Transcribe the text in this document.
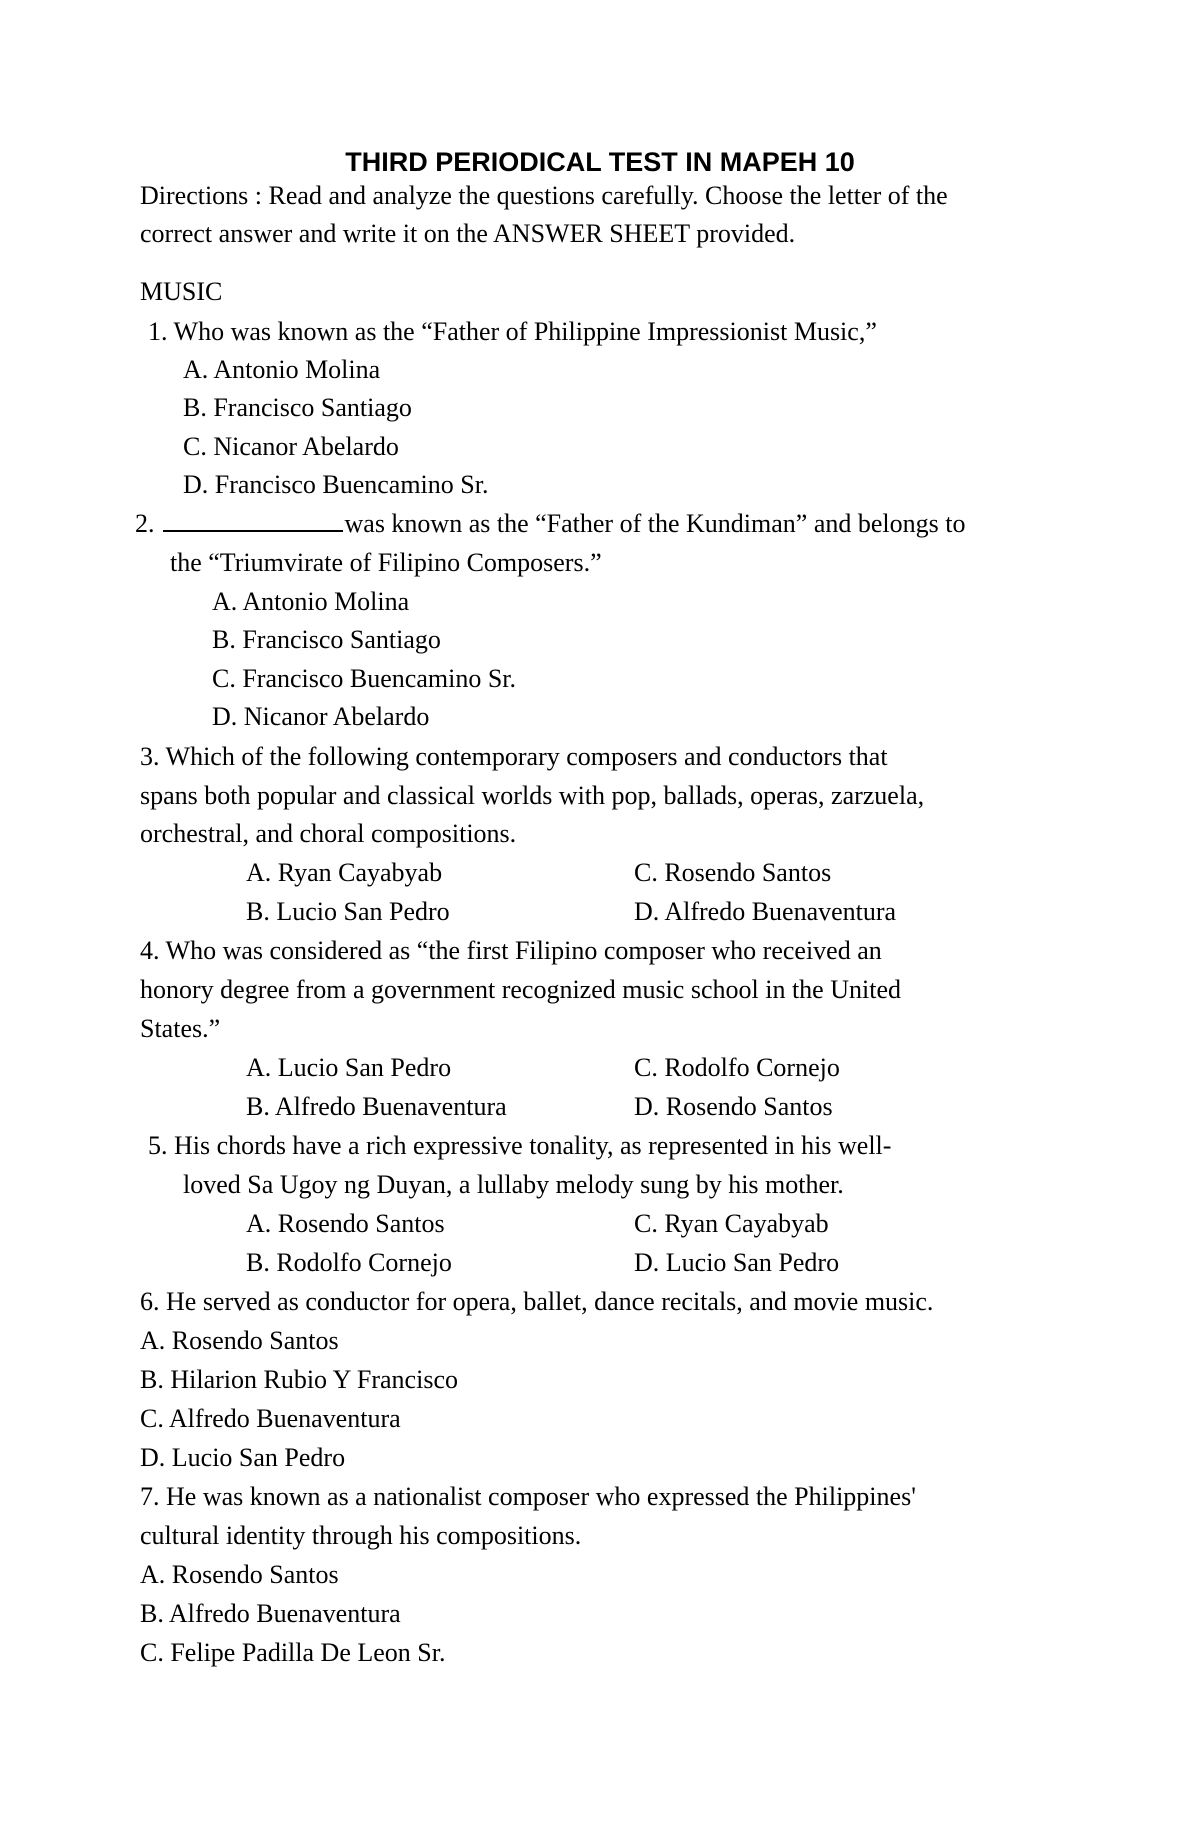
THIRD PERIODICAL TEST IN MAPEH 10
Directions : Read and analyze the questions carefully. Choose the letter of the
correct answer and write it on the ANSWER SHEET provided.
MUSIC
1. Who was known as the “Father of Philippine Impressionist Music,”
A. Antonio Molina
B. Francisco Santiago
C. Nicanor Abelardo
D. Francisco Buencamino Sr.
2.	was known as the “Father of the Kundiman” and belongs to
the “Triumvirate of Filipino Composers.”
A. Antonio Molina
B. Francisco Santiago
C. Francisco Buencamino Sr.
D. Nicanor Abelardo
3. Which of the following contemporary composers and conductors that
spans both popular and classical worlds with pop, ballads, operas, zarzuela,
orchestral, and choral compositions.
A. Ryan Cayabyab	C. Rosendo Santos
B. Lucio San Pedro	D. Alfredo Buenaventura
4. Who was considered as “the first Filipino composer who received an
honory degree from a government recognized music school in the United
States.”
A. Lucio San Pedro	C. Rodolfo Cornejo
B. Alfredo Buenaventura	D. Rosendo Santos
5. His chords have a rich expressive tonality, as represented in his well-
loved Sa Ugoy ng Duyan, a lullaby melody sung by his mother.
A. Rosendo Santos	C. Ryan Cayabyab
B. Rodolfo Cornejo	D. Lucio San Pedro
6. He served as conductor for opera, ballet, dance recitals, and movie music.
A. Rosendo Santos
B. Hilarion Rubio Y Francisco
C. Alfredo Buenaventura
D. Lucio San Pedro
7. He was known as a nationalist composer who expressed the Philippines'
cultural identity through his compositions.
A. Rosendo Santos
B. Alfredo Buenaventura
C. Felipe Padilla De Leon Sr.
